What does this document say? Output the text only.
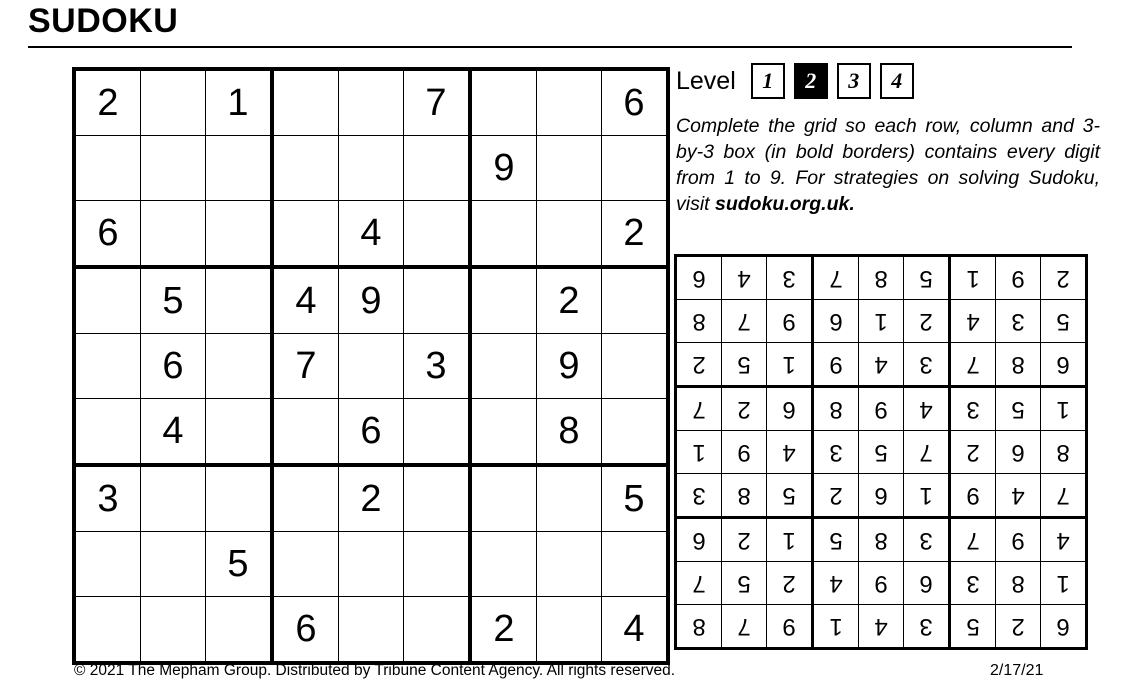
SUDOKU
2		1			7			6
						9		
6				4				2
	5		4	9			2	
	6		7		3		9	
	4			6			8	
3				2				5
		5						
			6			2		4
Level	1	2	3	4
Complete the grid so each row, column and 3-by-3 box (in bold borders) contains every digit from 1 to 9. For strategies on solving Sudoku, visit sudoku.org.uk.
6	2	5	3	4	1	9	7	8
1	8	3	6	9	4	2	5	7
4	9	7	3	8	5	1	2	6
7	4	9	1	6	2	5	8	3
8	6	2	7	5	3	4	9	1
1	5	3	4	9	8	6	2	7
6	8	7	3	4	9	1	5	2
5	3	4	2	1	6	9	7	8
2	9	1	5	8	7	3	4	6
© 2021 The Mepham Group. Distributed by Tribune Content Agency. All rights reserved.	2/17/21
